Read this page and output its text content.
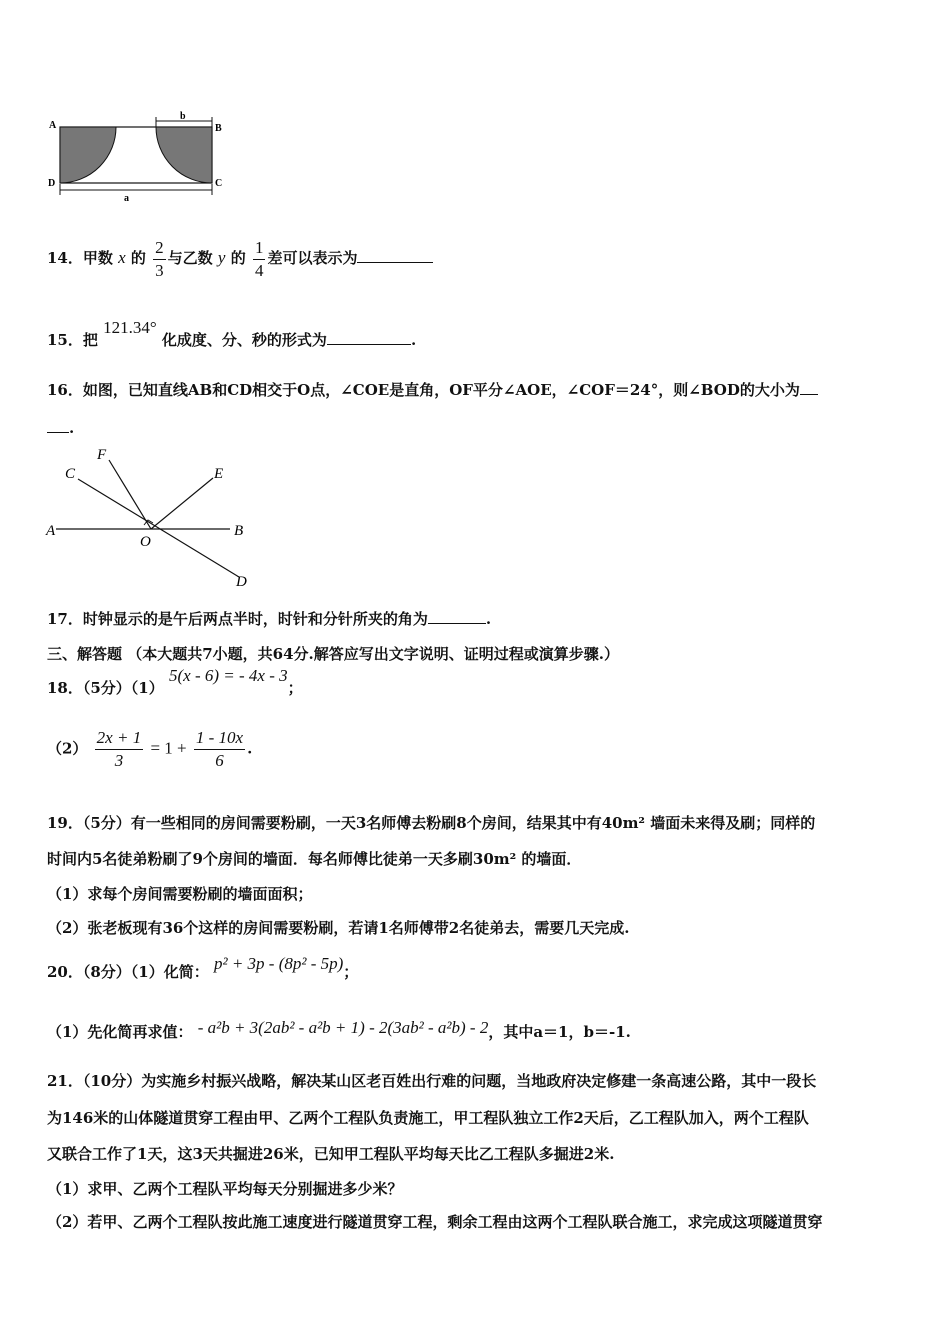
A	B
C
D
b
a
14．甲数 x 的 $\frac{2}{3}$ 与乙数 y 的 $\frac{1}{4}$ 差可以表示为
15．把 121.34° 化成度、分、秒的形式为	.
16．如图，已知直线AB和CD相交于O点，∠COE是直角，OF平分∠AOE，∠COF＝24°，则∠BOD的大小为
.
A	B
C
D
E
F
O
17．时钟显示的是午后两点半时，时针和分针所夹的角为	.
三、解答题 （本大题共7小题，共64分.解答应写出文字说明、证明过程或演算步骤.）
18．（5分）（1） 5(x - 6) = - 4x - 3；
$(2) \frac{2x + 1}{3} = 1 + \frac{1 - 10x}{6}$ .
19．（5分）有一些相同的房间需要粉刷，一天3名师傅去粉刷8个房间，结果其中有40m² 墙面未来得及刷；同样的
时间内5名徒弟粉刷了9个房间的墙面．每名师傅比徒弟一天多刷30m² 的墙面．
（1）求每个房间需要粉刷的墙面面积；
（2）张老板现有36个这样的房间需要粉刷，若请1名师傅带2名徒弟去，需要几天完成.
20．（8分）（1）化简： p² + 3p - (8p² - 5p)；
（1）先化简再求值： - a²b + 3(2ab² - a²b + 1) - 2(3ab² - a²b) - 2，其中a＝1，b＝-1.
21．（10分）为实施乡村振兴战略，解决某山区老百姓出行难的问题，当地政府决定修建一条高速公路，其中一段长
为146米的山体隧道贯穿工程由甲、乙两个工程队负责施工，甲工程队独立工作2天后，乙工程队加入，两个工程队
又联合工作了1天，这3天共掘进26米，已知甲工程队平均每天比乙工程队多掘进2米.
（1）求甲、乙两个工程队平均每天分别掘进多少米？
（2）若甲、乙两个工程队按此施工速度进行隧道贯穿工程，剩余工程由这两个工程队联合施工，求完成这项隧道贯穿
